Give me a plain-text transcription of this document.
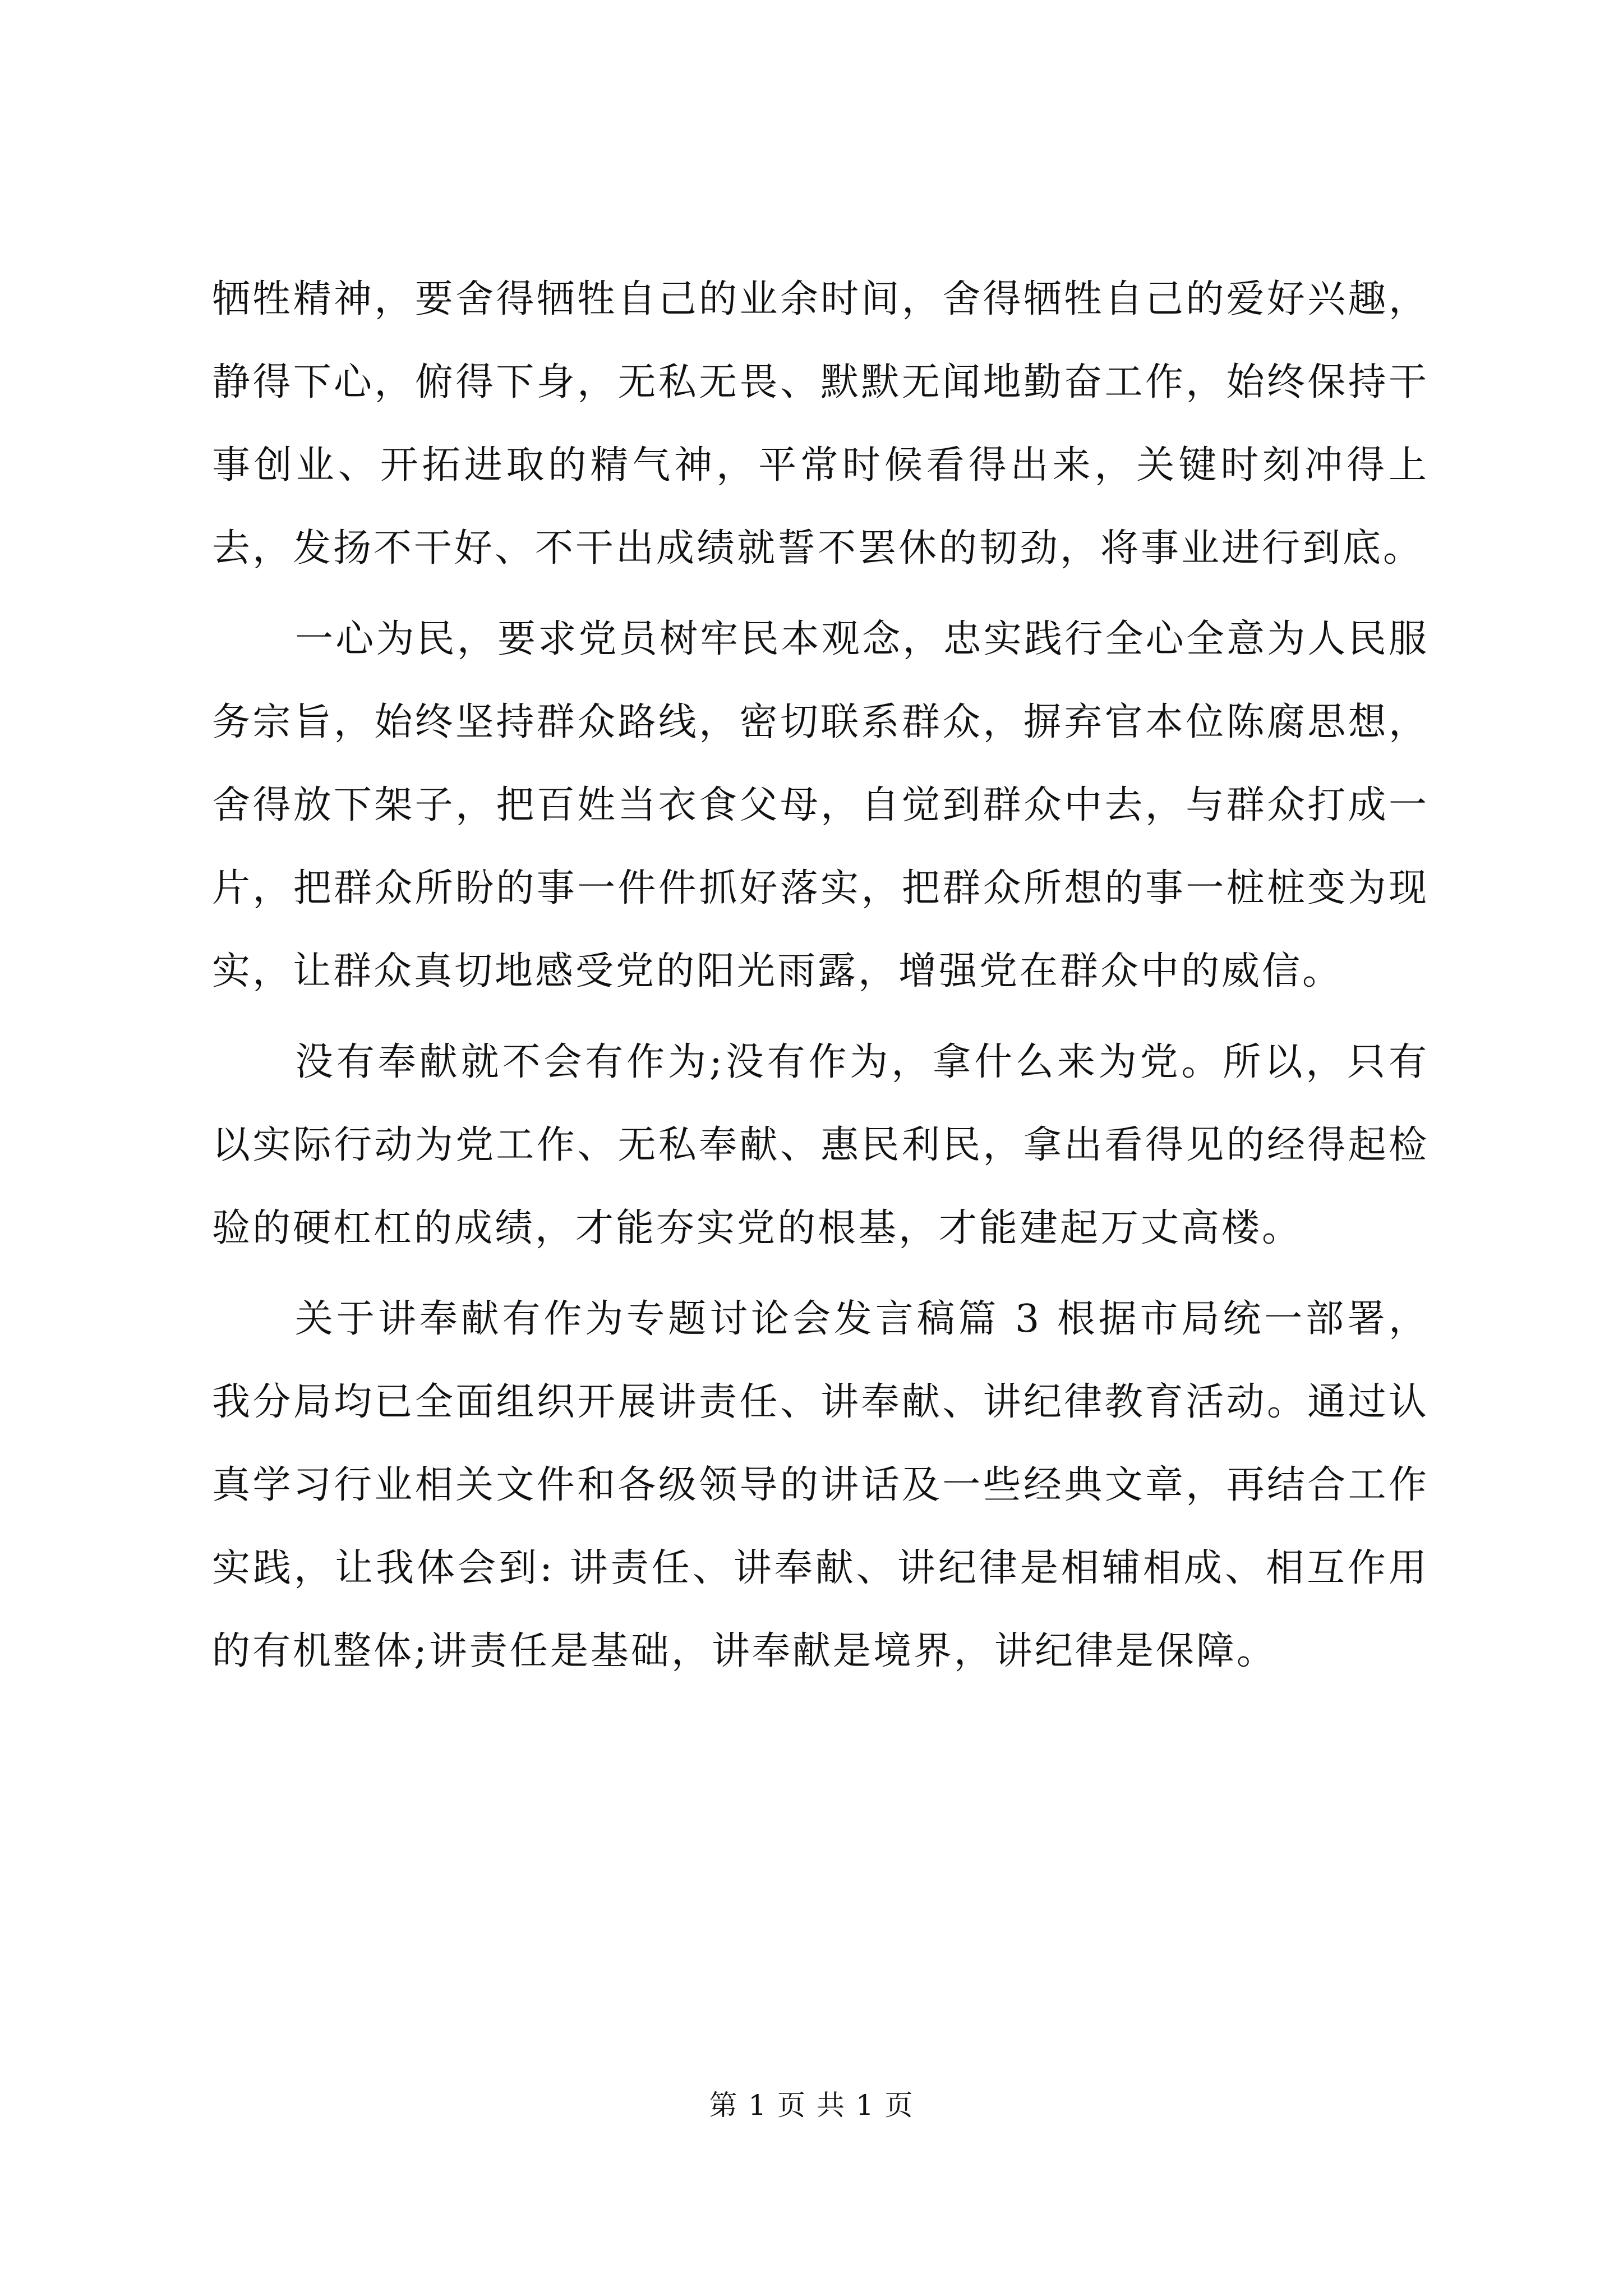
牺牲精神，要舍得牺牲自己的业余时间，舍得牺牲自己的爱好兴趣，静得下心，俯得下身，无私无畏、默默无闻地勤奋工作，始终保持干事创业、开拓进取的精气神，平常时候看得出来，关键时刻冲得上去，发扬不干好、不干出成绩就誓不罢休的韧劲，将事业进行到底。

一心为民，要求党员树牢民本观念，忠实践行全心全意为人民服务宗旨，始终坚持群众路线，密切联系群众，摒弃官本位陈腐思想，舍得放下架子，把百姓当衣食父母，自觉到群众中去，与群众打成一片，把群众所盼的事一件件抓好落实，把群众所想的事一桩桩变为现实，让群众真切地感受党的阳光雨露，增强党在群众中的威信。

没有奉献就不会有作为;没有作为，拿什么来为党。所以，只有以实际行动为党工作、无私奉献、惠民利民，拿出看得见的经得起检验的硬杠杠的成绩，才能夯实党的根基，才能建起万丈高楼。

关于讲奉献有作为专题讨论会发言稿篇 3 根据市局统一部署，我分局均已全面组织开展讲责任、讲奉献、讲纪律教育活动。通过认真学习行业相关文件和各级领导的讲话及一些经典文章，再结合工作实践，让我体会到: 讲责任、讲奉献、讲纪律是相辅相成、相互作用的有机整体;讲责任是基础，讲奉献是境界，讲纪律是保障。

第 1 页 共 1 页
